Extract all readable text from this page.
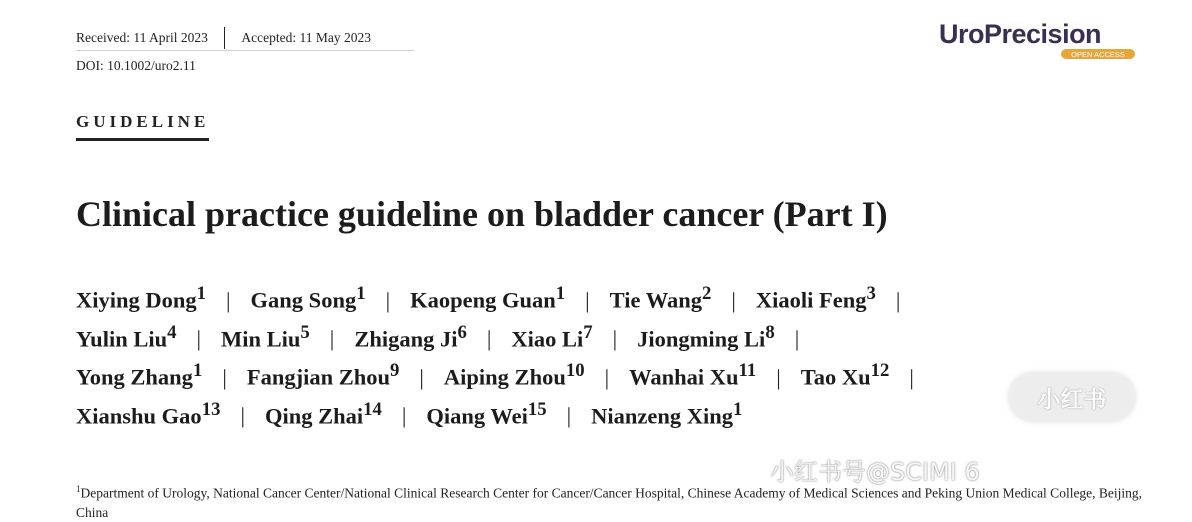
Received: 11 April 2023 Accepted: 11 May 2023
DOI: 10.1002/uro2.11
UroPrecision
OPEN ACCESS
GUIDELINE
Clinical practice guideline on bladder cancer (Part I)
Xiying Dong$^1$ | Gang Song$^1$ | Kaopeng Guan$^1$ | Tie Wang$^2$ | Xiaoli Feng$^3$ |
Yulin Liu$^4$ | Min Liu$^5$ | Zhigang Ji$^6$ | Xiao Li$^7$ | Jiongming Li$^8$ |
Yong Zhang$^1$ | Fangjian Zhou$^9$ | Aiping Zhou$^{10}$ | Wanhai Xu$^{11}$ | Tao Xu$^{12}$ |
Xianshu Gao$^{13}$ | Qing Zhai$^{14}$ | Qiang Wei$^{15}$ | Nianzeng Xing$^1$	小红书
小红书号@SCIMI 6
$^1$Department of Urology, National Cancer Center/National Clinical Research Center for Cancer/Cancer Hospital, Chinese Academy of Medical Sciences and Peking Union Medical College, Beijing, China
